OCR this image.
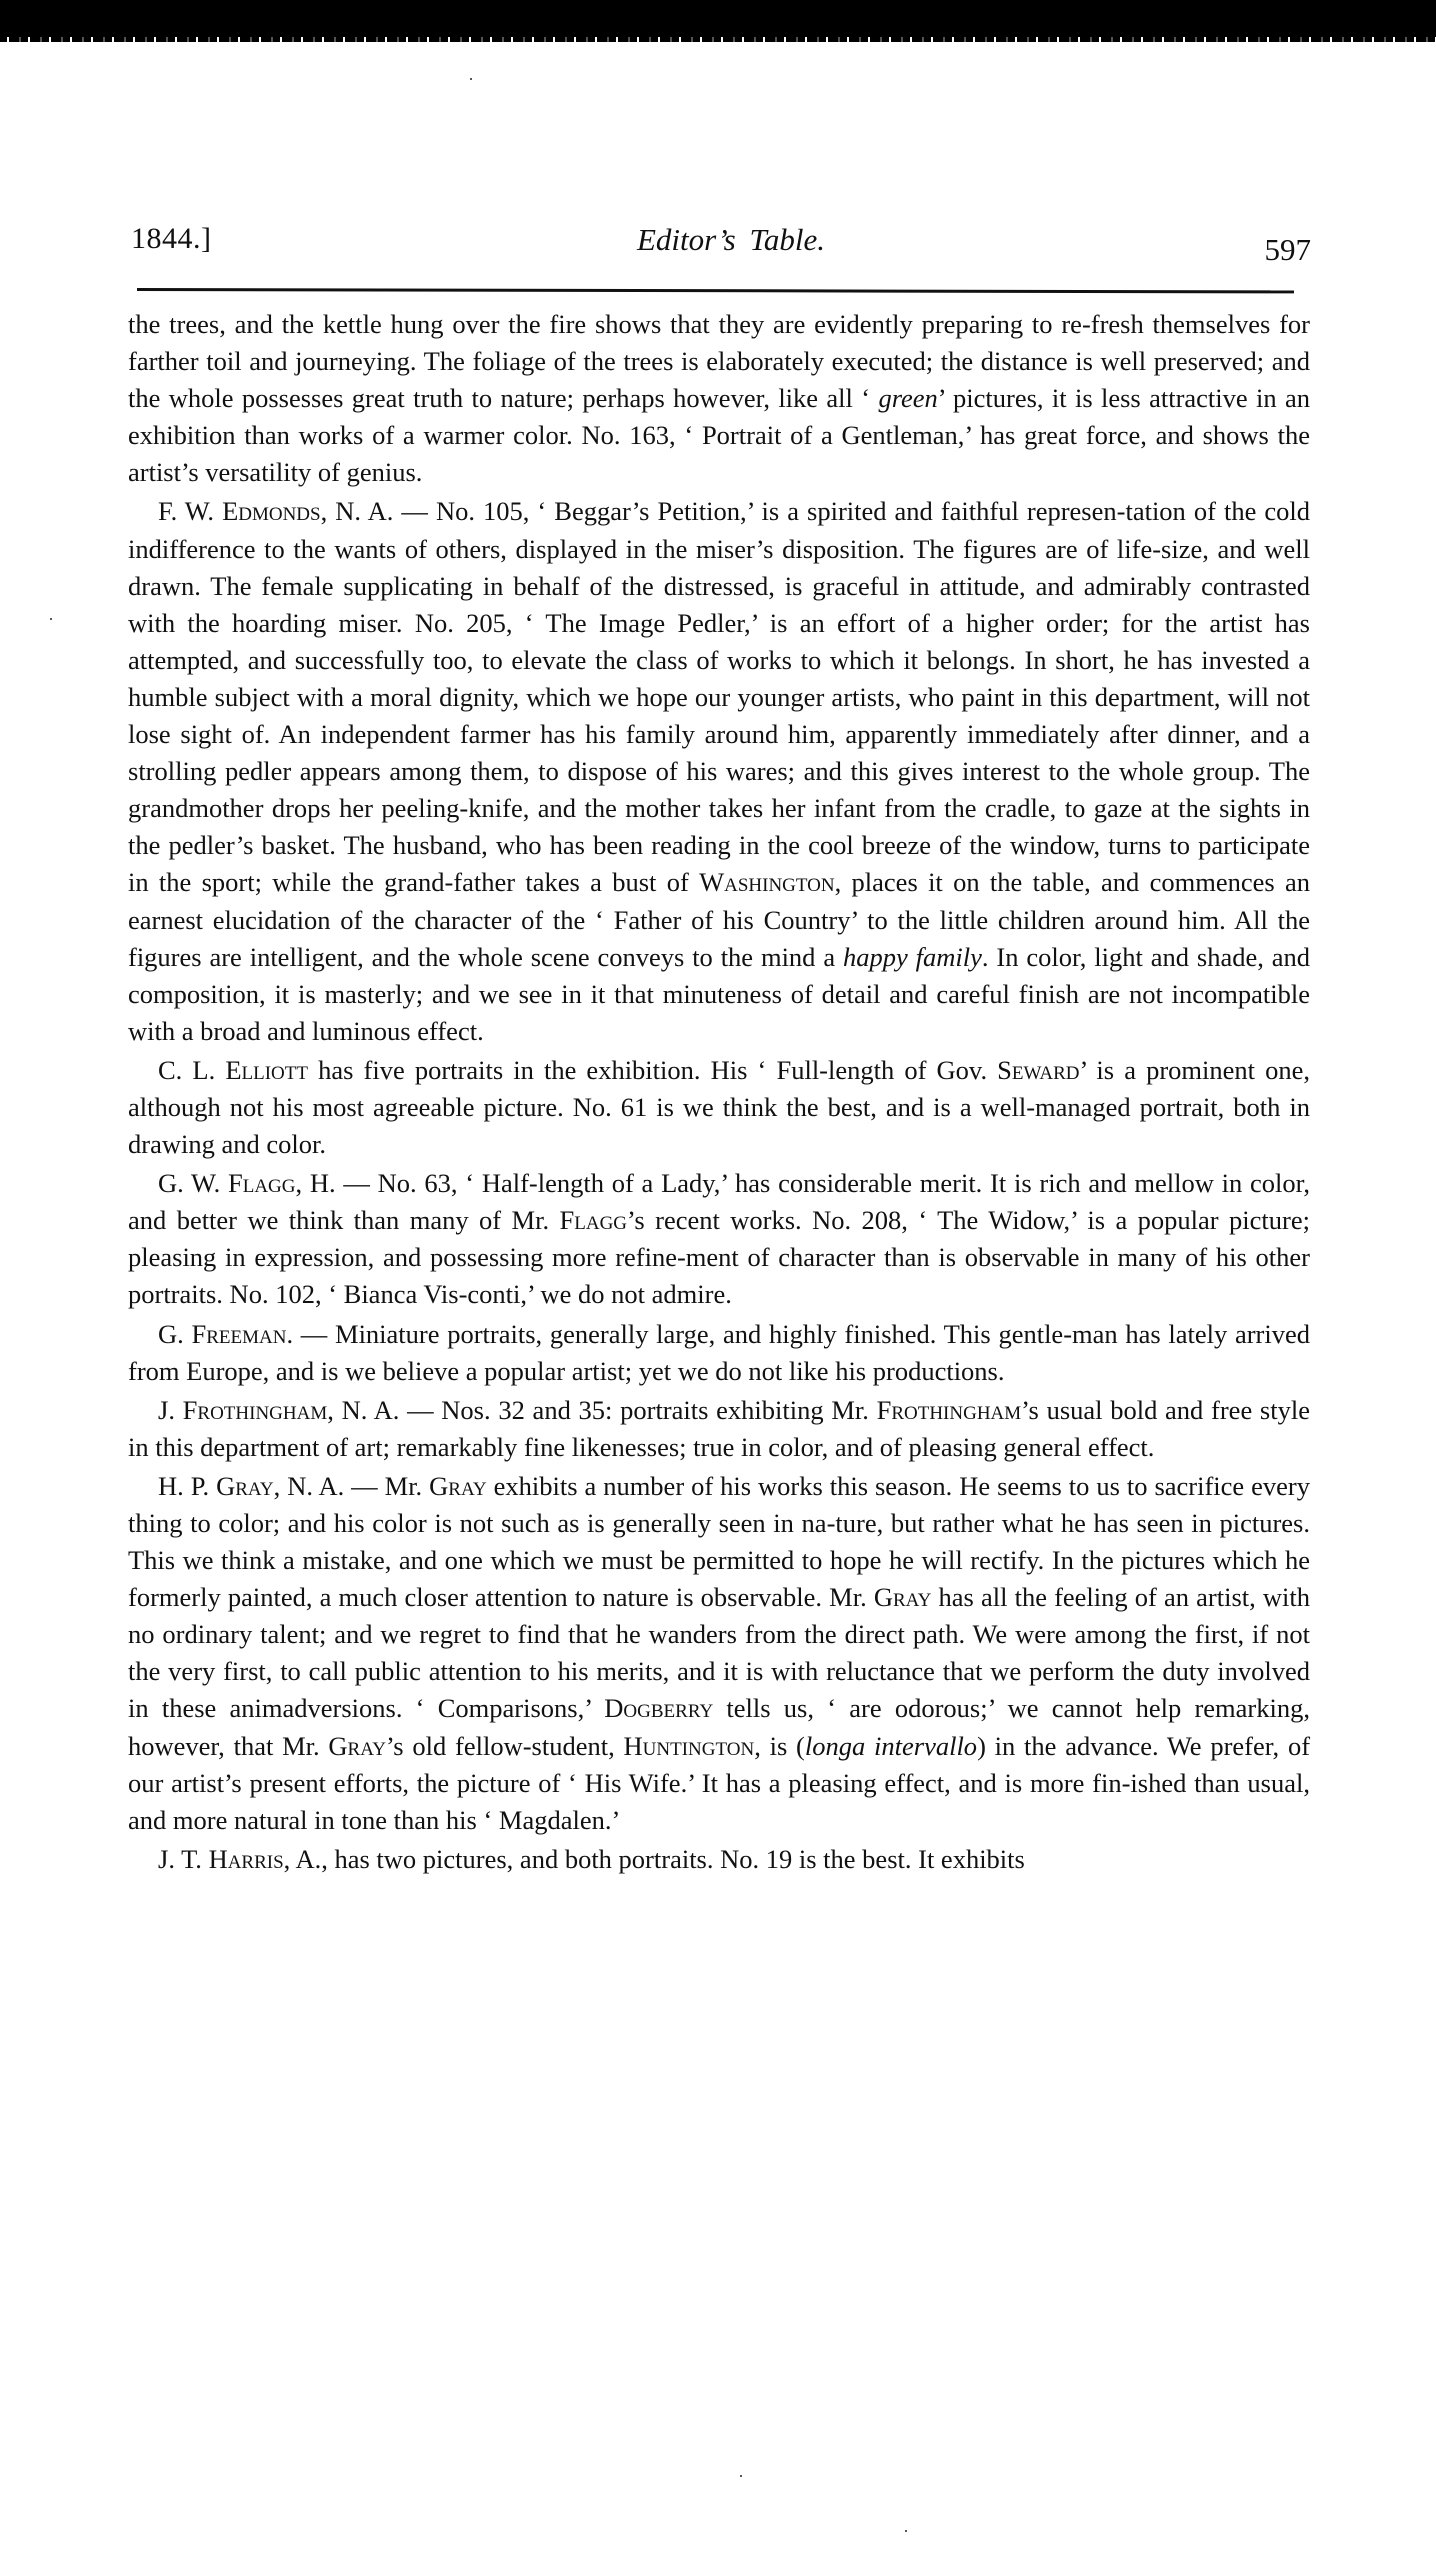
1844.]	Editor’s Table.	597

the trees, and the kettle hung over the fire shows that they are evidently preparing to re-fresh themselves for farther toil and journeying. The foliage of the trees is elaborately executed; the distance is well preserved; and the whole possesses great truth to nature; perhaps however, like all ‘ green’ pictures, it is less attractive in an exhibition than works of a warmer color. No. 163, ‘ Portrait of a Gentleman,’ has great force, and shows the artist’s versatility of genius.

F. W. Edmonds, N. A. — No. 105, ‘ Beggar’s Petition,’ is a spirited and faithful represen-tation of the cold indifference to the wants of others, displayed in the miser’s disposition. The figures are of life-size, and well drawn. The female supplicating in behalf of the distressed, is graceful in attitude, and admirably contrasted with the hoarding miser. No. 205, ‘ The Image Pedler,’ is an effort of a higher order; for the artist has attempted, and successfully too, to elevate the class of works to which it belongs. In short, he has invested a humble subject with a moral dignity, which we hope our younger artists, who paint in this department, will not lose sight of. An independent farmer has his family around him, apparently immediately after dinner, and a strolling pedler appears among them, to dispose of his wares; and this gives interest to the whole group. The grandmother drops her peeling-knife, and the mother takes her infant from the cradle, to gaze at the sights in the pedler’s basket. The husband, who has been reading in the cool breeze of the window, turns to participate in the sport; while the grand-father takes a bust of Washington, places it on the table, and commences an earnest elucidation of the character of the ‘ Father of his Country’ to the little children around him. All the figures are intelligent, and the whole scene conveys to the mind a happy family. In color, light and shade, and composition, it is masterly; and we see in it that minuteness of detail and careful finish are not incompatible with a broad and luminous effect.

C. L. Elliott has five portraits in the exhibition. His ‘ Full-length of Gov. Seward’ is a prominent one, although not his most agreeable picture. No. 61 is we think the best, and is a well-managed portrait, both in drawing and color.

G. W. Flagg, H. — No. 63, ‘ Half-length of a Lady,’ has considerable merit. It is rich and mellow in color, and better we think than many of Mr. Flagg’s recent works. No. 208, ‘ The Widow,’ is a popular picture; pleasing in expression, and possessing more refine-ment of character than is observable in many of his other portraits. No. 102, ‘ Bianca Vis-conti,’ we do not admire.

G. Freeman. — Miniature portraits, generally large, and highly finished. This gentle-man has lately arrived from Europe, and is we believe a popular artist; yet we do not like his productions.

J. Frothingham, N. A. — Nos. 32 and 35: portraits exhibiting Mr. Frothingham’s usual bold and free style in this department of art; remarkably fine likenesses; true in color, and of pleasing general effect.

H. P. Gray, N. A. — Mr. Gray exhibits a number of his works this season. He seems to us to sacrifice every thing to color; and his color is not such as is generally seen in na-ture, but rather what he has seen in pictures. This we think a mistake, and one which we must be permitted to hope he will rectify. In the pictures which he formerly painted, a much closer attention to nature is observable. Mr. Gray has all the feeling of an artist, with no ordinary talent; and we regret to find that he wanders from the direct path. We were among the first, if not the very first, to call public attention to his merits, and it is with reluctance that we perform the duty involved in these animadversions. ‘ Comparisons,’ Dogberry tells us, ‘ are odorous;’ we cannot help remarking, however, that Mr. Gray’s old fellow-student, Huntington, is (longa intervallo) in the advance. We prefer, of our artist’s present efforts, the picture of ‘ His Wife.’ It has a pleasing effect, and is more fin-ished than usual, and more natural in tone than his ‘ Magdalen.’

J. T. Harris, A., has two pictures, and both portraits. No. 19 is the best. It exhibits
